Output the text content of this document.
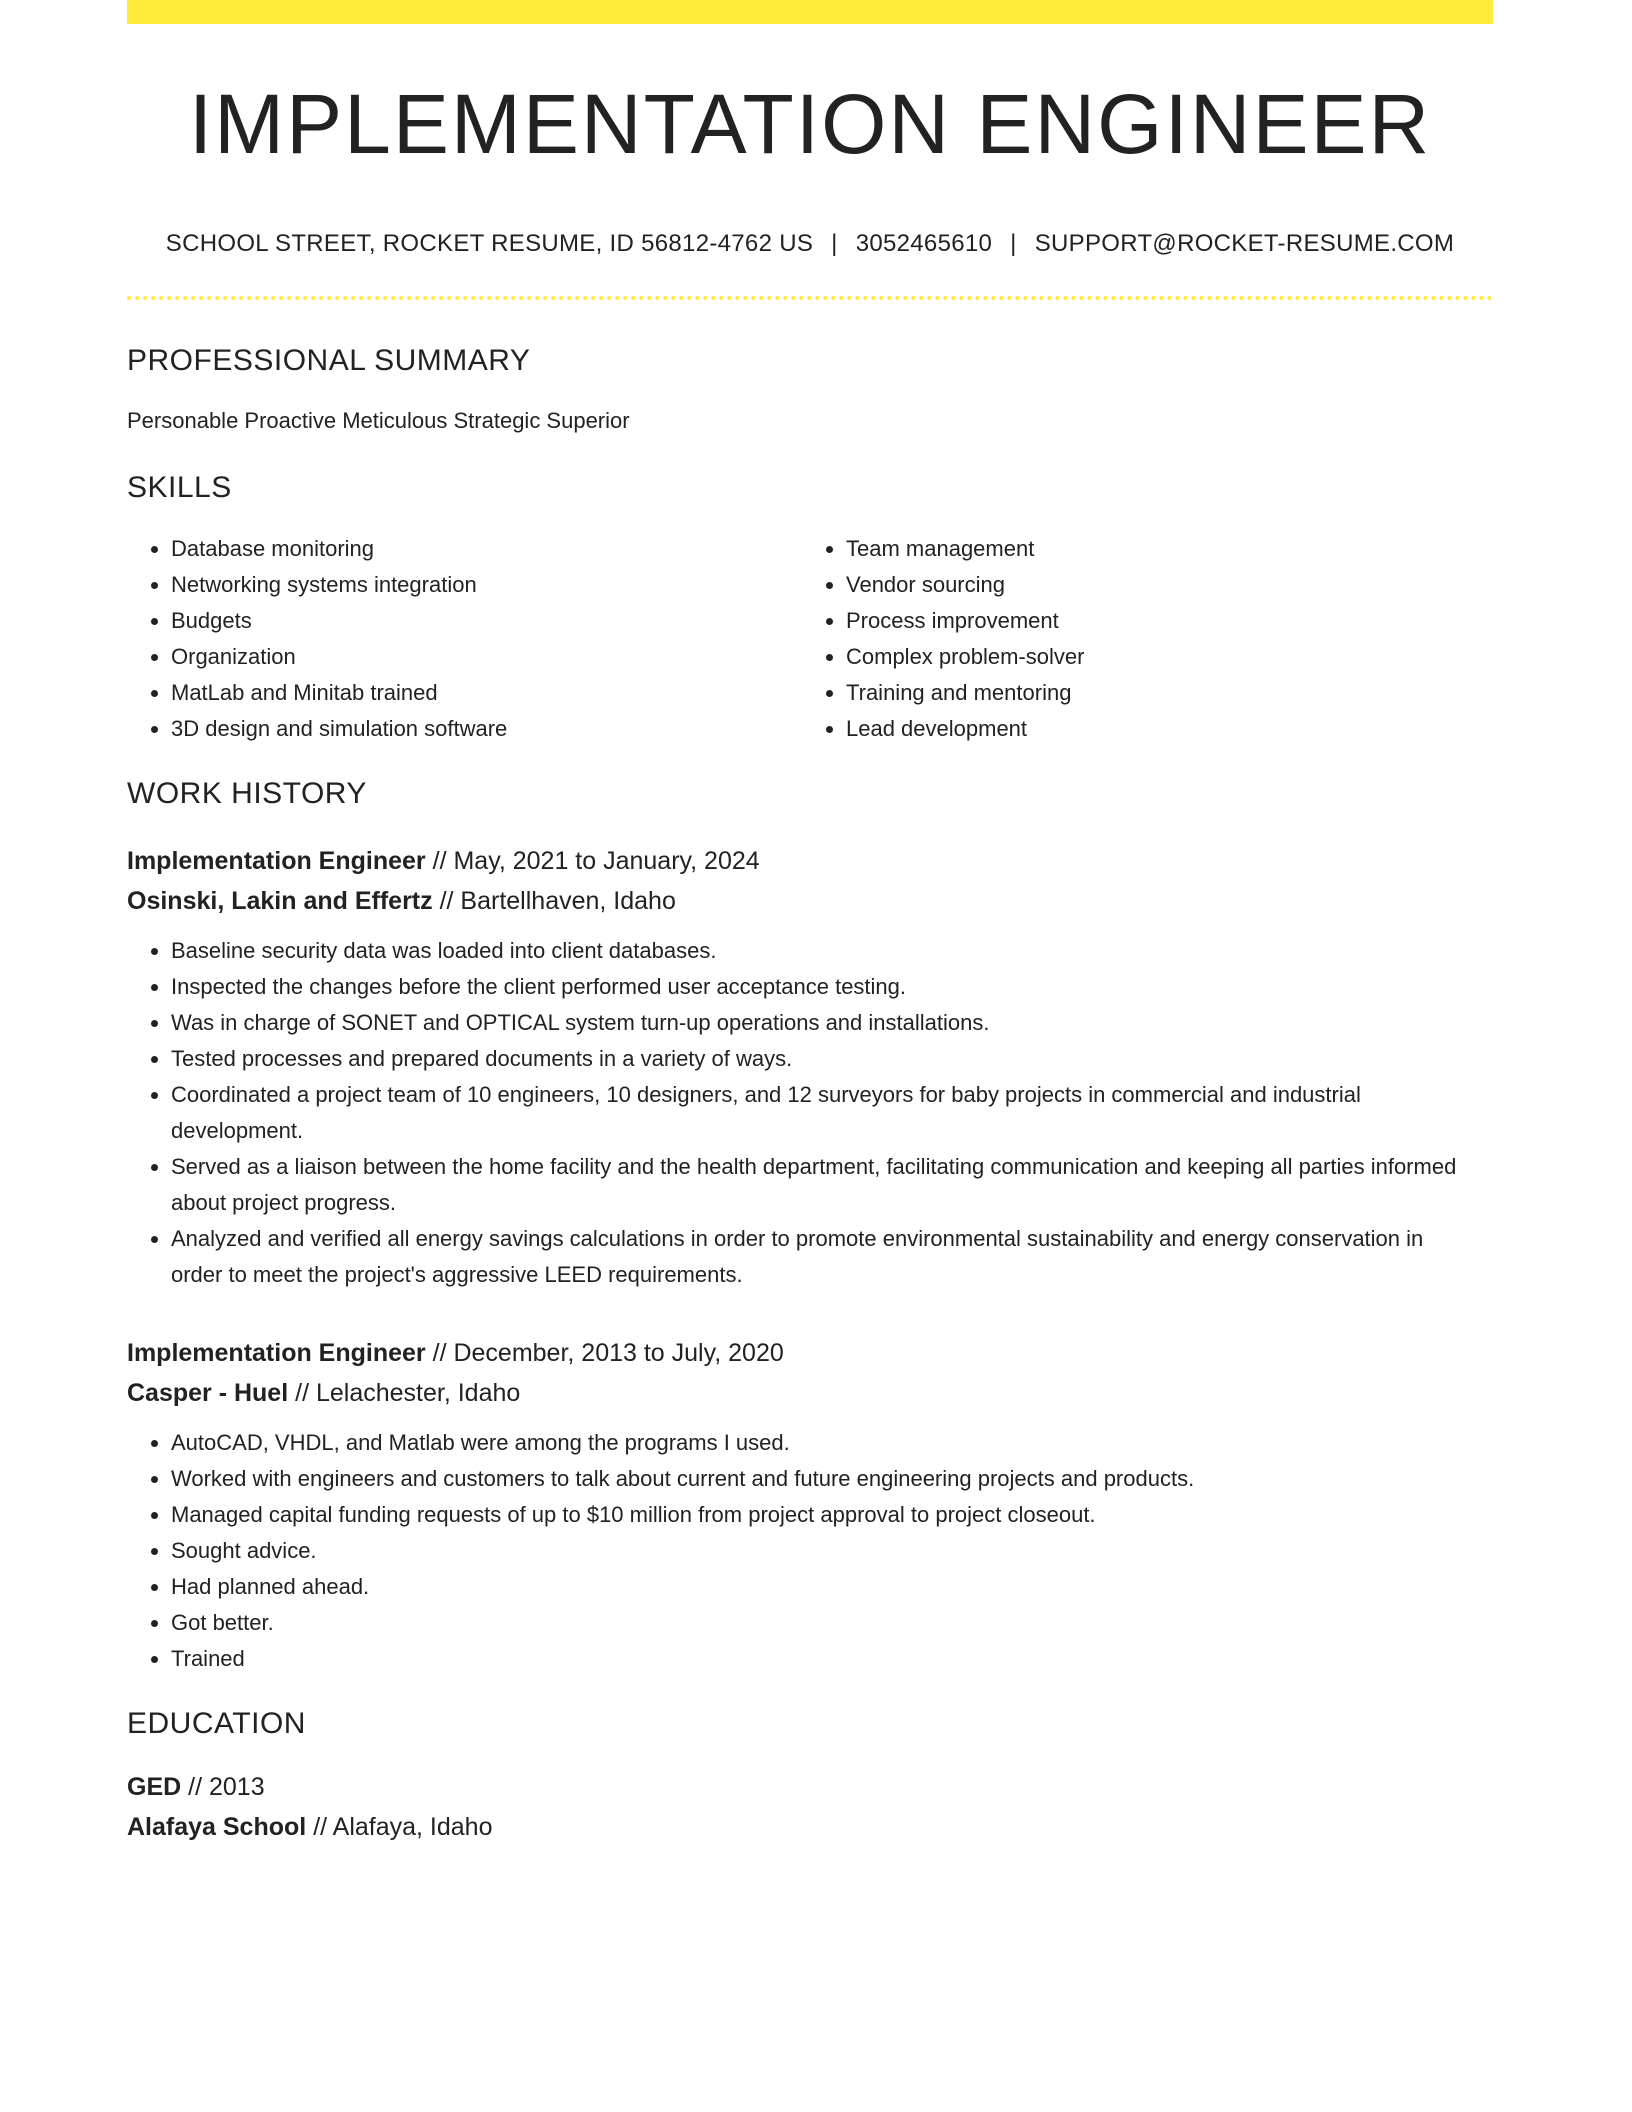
IMPLEMENTATION ENGINEER
SCHOOL STREET, ROCKET RESUME, ID 56812-4762 US | 3052465610 | SUPPORT@ROCKET-RESUME.COM
PROFESSIONAL SUMMARY
Personable Proactive Meticulous Strategic Superior
SKILLS
• Database monitoring
• Networking systems integration
• Budgets
• Organization
• MatLab and Minitab trained
• 3D design and simulation software
• Team management
• Vendor sourcing
• Process improvement
• Complex problem-solver
• Training and mentoring
• Lead development
WORK HISTORY
Implementation Engineer // May, 2021 to January, 2024
Osinski, Lakin and Effertz // Bartellhaven, Idaho
• Baseline security data was loaded into client databases.
• Inspected the changes before the client performed user acceptance testing.
• Was in charge of SONET and OPTICAL system turn-up operations and installations.
• Tested processes and prepared documents in a variety of ways.
• Coordinated a project team of 10 engineers, 10 designers, and 12 surveyors for baby projects in commercial and industrial development.
• Served as a liaison between the home facility and the health department, facilitating communication and keeping all parties informed about project progress.
• Analyzed and verified all energy savings calculations in order to promote environmental sustainability and energy conservation in order to meet the project's aggressive LEED requirements.
Implementation Engineer // December, 2013 to July, 2020
Casper - Huel // Lelachester, Idaho
• AutoCAD, VHDL, and Matlab were among the programs I used.
• Worked with engineers and customers to talk about current and future engineering projects and products.
• Managed capital funding requests of up to $10 million from project approval to project closeout.
• Sought advice.
• Had planned ahead.
• Got better.
• Trained
EDUCATION
GED // 2013
Alafaya School // Alafaya, Idaho
